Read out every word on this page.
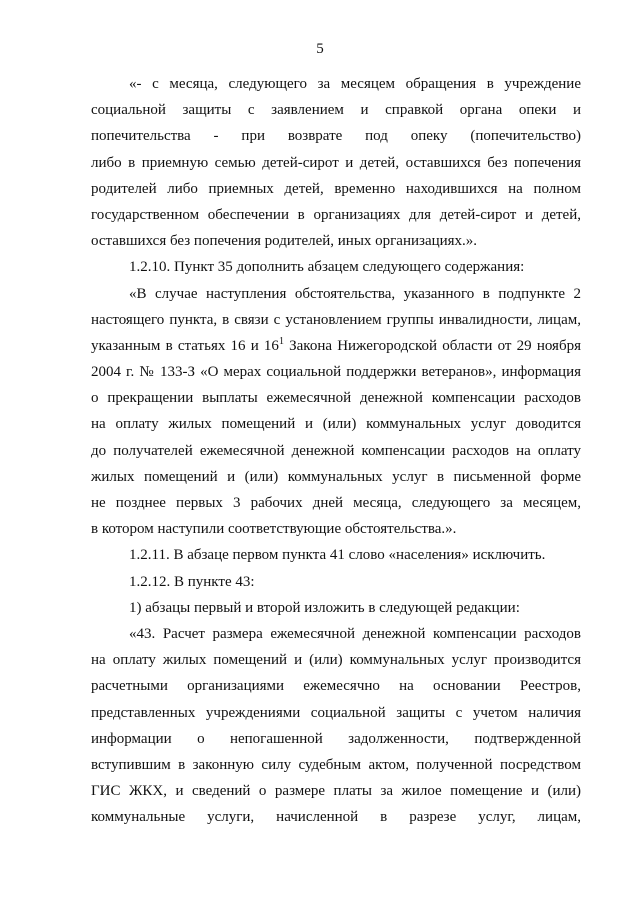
5
«- с месяца, следующего за месяцем обращения в учреждение
социальной защиты с заявлением и справкой органа опеки и
попечительства - при возврате под опеку (попечительство)
либо в приемную семью детей-сирот и детей, оставшихся без попечения
родителей либо приемных детей, временно находившихся на полном
государственном обеспечении в организациях для детей-сирот и детей,
оставшихся без попечения родителей, иных организациях.».
1.2.10. Пункт 35 дополнить абзацем следующего содержания:
«В случае наступления обстоятельства, указанного в подпункте 2
настоящего пункта, в связи с установлением группы инвалидности, лицам,
указанным в статьях 16 и $16^1$ Закона Нижегородской области от 29 ноября
2004 г. № 133-З «О мерах социальной поддержки ветеранов», информация
о прекращении выплаты ежемесячной денежной компенсации расходов
на оплату жилых помещений и (или) коммунальных услуг доводится
до получателей ежемесячной денежной компенсации расходов на оплату
жилых помещений и (или) коммунальных услуг в письменной форме
не позднее первых 3 рабочих дней месяца, следующего за месяцем,
в котором наступили соответствующие обстоятельства.».
1.2.11. В абзаце первом пункта 41 слово «населения» исключить.
1.2.12. В пункте 43:
1) абзацы первый и второй изложить в следующей редакции:
«43. Расчет размера ежемесячной денежной компенсации расходов
на оплату жилых помещений и (или) коммунальных услуг производится
расчетными организациями ежемесячно на основании Реестров,
представленных учреждениями социальной защиты с учетом наличия
информации о непогашенной задолженности, подтвержденной
вступившим в законную силу судебным актом, полученной посредством
ГИС ЖКХ, и сведений о размере платы за жилое помещение и (или)
коммунальные услуги, начисленной в разрезе услуг, лицам,
